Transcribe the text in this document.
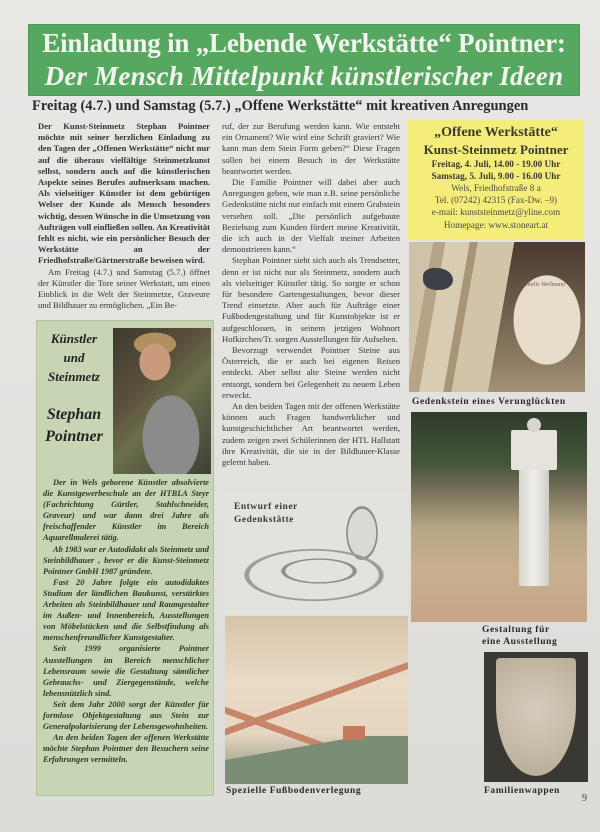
Einladung in „Lebende Werkstätte“ Pointner:
Der Mensch Mittelpunkt künstlerischer Ideen
Freitag (4.7.) und Samstag (5.7.) „Offene Werkstätte“ mit kreativen Anregungen

Der Kunst-Steinmetz Stephan Pointner möchte mit seiner herzlichen Einladung zu den Tagen der „Offenen Werkstätte“ nicht nur auf die überaus vielfältige Steinmetzkunst selbst, sondern auch auf die künstlerischen Aspekte seines Berufes aufmerksam machen. Als vielseitiger Künstler ist dem gebürtigen Welser der Kunde als Mensch besonders wichtig, dessen Wünsche in die Umsetzung von Aufträgen voll einfließen sollen. An Kreativität fehlt es nicht, wie ein persönlicher Besuch der Werkstätte an der Friedhofstraße/Gärtnerstraße beweisen wird.

Am Freitag (4.7.) und Samstag (5.7.) öffnet der Künstler die Tore seiner Werkstatt, um einen Einblick in die Welt der Steinmetze, Graveure und Bildhauer zu ermöglichen. „Ein Be-

ruf, der zur Berufung werden kann. Wie entsteht ein Ornament? Wie wird eine Schrift graviert? Wie kann man dem Stein Form geben?“ Diese Fragen sollen bei einem Besuch in der Werkstätte beantwortet werden.

Die Familie Pointner will dabei aber auch Anregungen geben, wie man z.B. seine persönliche Gedenkstätte nicht nur einfach mit einem Grabstein versehen soll. „Die persönlich aufgebaute Beziehung zum Kunden fördert meine Kreativität, die ich auch in der Vielfalt meiner Arbeiten demonstrieren kann.“

Stephan Pointner sieht sich auch als Trendsetter, denn er ist nicht nur als Steinmetz, sondern auch als vielseitiger Künstler tätig. So sorgte er schon für besondere Gartengestaltungen, bevor dieser Trend einsetzte. Aber auch für Aufträge einer Fußbodengestaltung und für Kunstobjekte ist er aufgeschlossen, in seinem jetzigen Wohnort Hofkirchen/Tr. sorgen Ausstellungen für Aufsehen.

Bevorzugt verwendet Pointner Steine aus Österreich, die er auch bei eigenen Reisen entdeckt. Aber selbst alte Steine werden nicht entsorgt, sondern bei Gelegenheit zu neuem Leben erweckt.

An den beiden Tagen mit der offenen Werkstätte können auch Fragen handwerklicher und kunstgeschichtlicher Art beantwortet werden, zudem zeigen zwei Schülerinnen der HTL Hallstatt ihre Kreativität, die sie in der Bildhauer-Klasse gelernt haben.

„Offene Werkstätte“
Kunst-Steinmetz Pointner
Freitag, 4. Juli, 14.00 - 19.00 Uhr
Samstag, 5. Juli, 9.00 - 16.00 Uhr
Wels, Friedhofstraße 8 a
Tel. (07242) 42315 (Fax-Dw. –9)
e-mail: kunststeinmetz@yline.com
Homepage: www.stoneart.at
Künstler
und
Steinmetz
Stephan
Pointner

Der in Wels geborene Künstler absolvierte die Kunstgewerbeschule an der HTBLA Steyr (Fachrichtung Gürtler, Stahlschneider, Graveur) und war dann drei Jahre als freischaffender Künstler im Bereich Aquarellmalerei tätig.

Ab 1983 war er Autodidakt als Steinmetz und Steinbildhauer , bevor er die Kunst-Steinmetz Pointner GmbH 1987 gründete.

Fast 20 Jahre folgte ein autodidaktes Studium der ländlichen Baukunst, verstärktes Arbeiten als Steinbildhauer und Raumgestalter im Außen- und Innenbereich, Ausstellungen von Möbelstücken und die Selbstfindung als menschenfreundlicher Kunstgestalter.

Seit 1999 organisierte Pointner Ausstellungen im Bereich menschlicher Lebensraum sowie die Gestaltung sämtlicher Gebrauchs- und Ziergegenstände, welche lebensnützlich sind.

Seit dem Jahr 2000 sorgt der Künstler für formlose Objektgestaltung aus Stein zur Generalpolarisierung der Lebensgewohnheiten.

An den beiden Tagen der offenen Werkstätte möchte Stephan Pointner den Besuchern seine Erfahrungen vermitteln.

Familie Weilmann
Gedenkstein eines Verunglückten
Gestaltung für
eine Ausstellung
Entwurf einer
Gedenkstätte
Spezielle Fußbodenverlegung	Familienwappen
9
